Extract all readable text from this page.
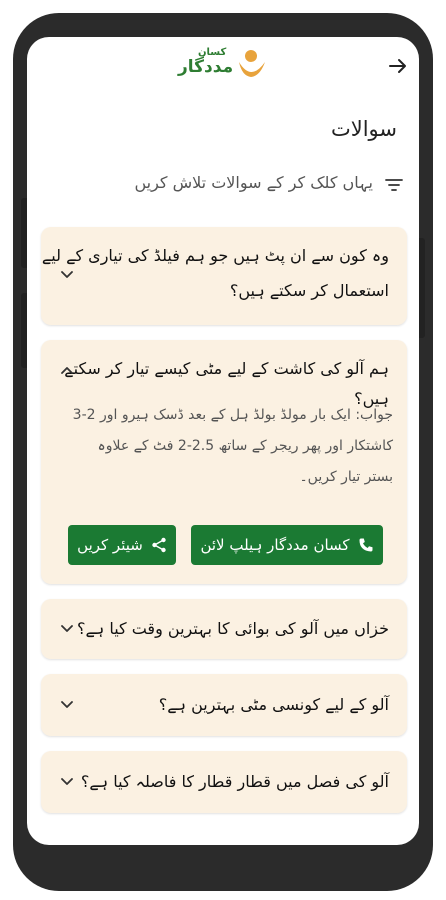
کسان
مددگار
سوالات
یہاں کلک کر کے سوالات تلاش کریں
وہ کون سے ان پٹ ہیں جو ہم فیلڈ کی تیاری کے لیے
استعمال کر سکتے ہیں؟
ہم آلو کی کاشت کے لیے مٹی کیسے تیار کر سکتے ہیں؟
جواب: ایک بار مولڈ بولڈ ہل کے بعد ڈسک ہیرو اور 2-3
کاشتکار اور پھر ریجر کے ساتھ 2.5-2 فٹ کے علاوہ
بستر تیار کریں۔
کسان مددگار ہیلپ لائن
شیئر کریں
خزاں میں آلو کی بوائی کا بہترین وقت کیا ہے؟
آلو کے لیے کونسی مٹی بہترین ہے؟
آلو کی فصل میں قطار قطار کا فاصلہ کیا ہے؟
